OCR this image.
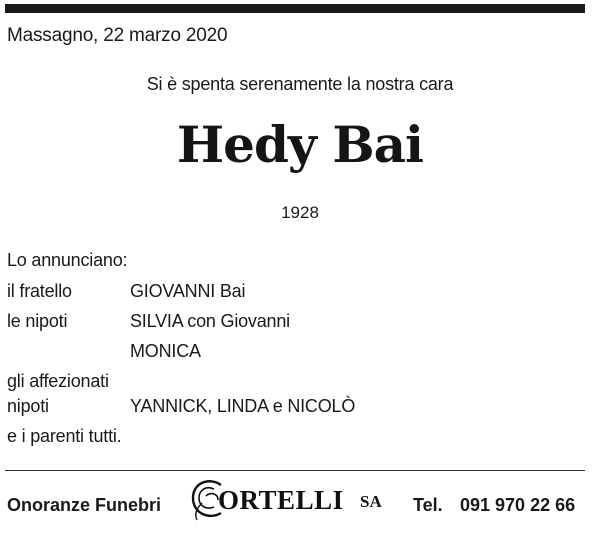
Massagno, 22 marzo 2020
Si è spenta serenamente la nostra cara
Hedy Bai
1928
Lo annunciano:
il fratello	GIOVANNI Bai
le nipoti	SILVIA con Giovanni
MONICA
gli affezionati
nipoti	YANNICK, LINDA e NICOLÒ
e i parenti tutti.
Onoranze Funebri ORTELLI SA Tel. 091 970 22 66
